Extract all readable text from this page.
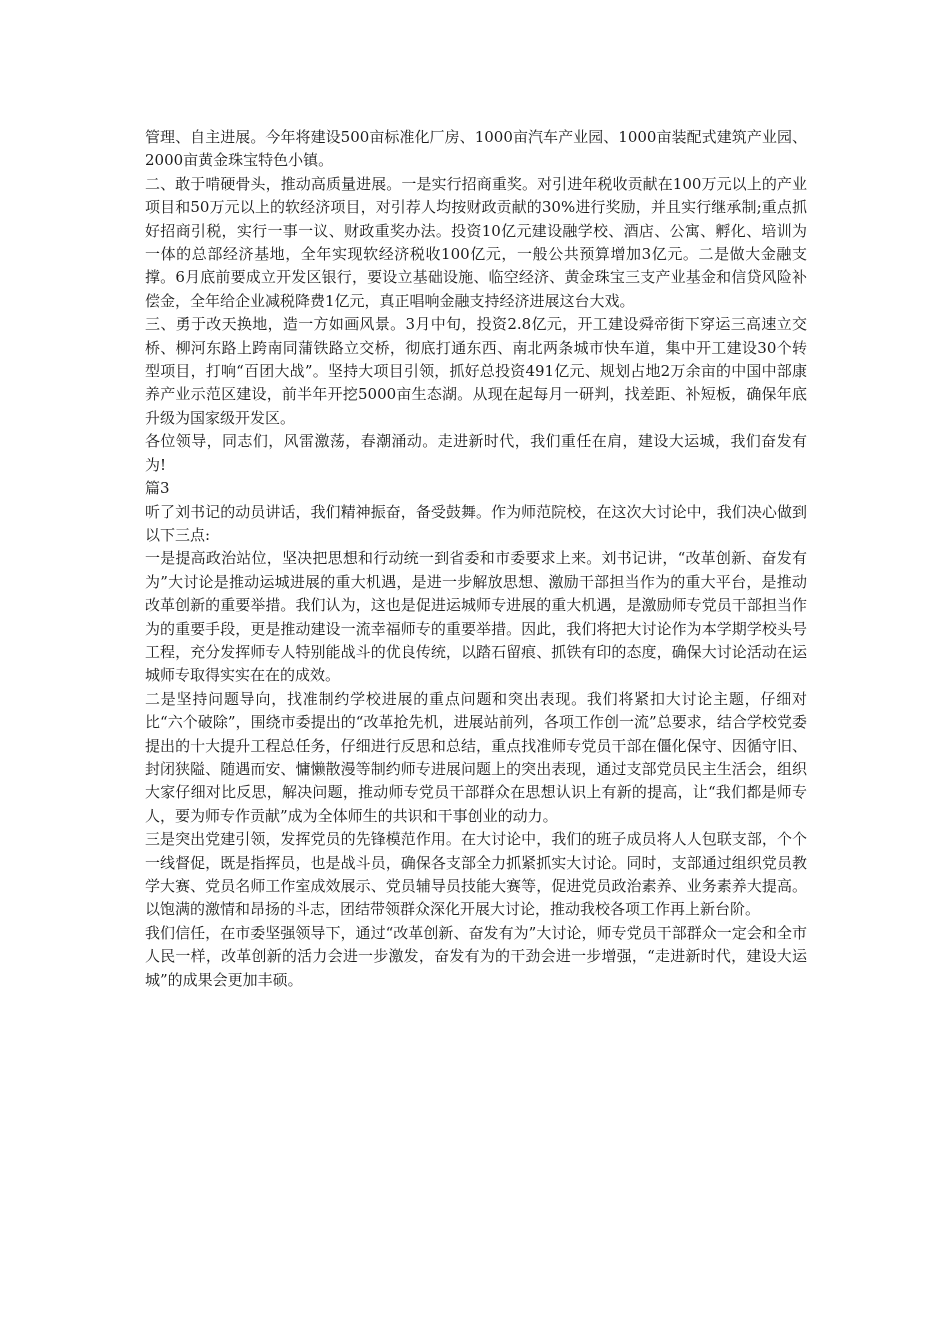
管理、自主进展。今年将建设500亩标准化厂房、1000亩汽车产业园、1000亩装配式建筑产业园、2000亩黄金珠宝特色小镇。

二、敢于啃硬骨头，推动高质量进展。一是实行招商重奖。对引进年税收贡献在100万元以上的产业项目和50万元以上的软经济项目，对引荐人均按财政贡献的30%进行奖励，并且实行继承制;重点抓好招商引税，实行一事一议、财政重奖办法。投资10亿元建设融学校、酒店、公寓、孵化、培训为一体的总部经济基地，全年实现软经济税收100亿元，一般公共预算增加3亿元。二是做大金融支撑。6月底前要成立开发区银行，要设立基础设施、临空经济、黄金珠宝三支产业基金和信贷风险补偿金，全年给企业减税降费1亿元，真正唱响金融支持经济进展这台大戏。

三、勇于改天换地，造一方如画风景。3月中旬，投资2.8亿元，开工建设舜帝街下穿运三高速立交桥、柳河东路上跨南同蒲铁路立交桥，彻底打通东西、南北两条城市快车道，集中开工建设30个转型项目，打响“百团大战”。坚持大项目引领，抓好总投资491亿元、规划占地2万余亩的中国中部康养产业示范区建设，前半年开挖5000亩生态湖。从现在起每月一研判，找差距、补短板，确保年底升级为国家级开发区。

各位领导，同志们，风雷激荡，春潮涌动。走进新时代，我们重任在肩，建设大运城，我们奋发有为!

篇3

听了刘书记的动员讲话，我们精神振奋，备受鼓舞。作为师范院校，在这次大讨论中，我们决心做到以下三点:

一是提高政治站位，坚决把思想和行动统一到省委和市委要求上来。刘书记讲，“改革创新、奋发有为”大讨论是推动运城进展的重大机遇，是进一步解放思想、激励干部担当作为的重大平台，是推动改革创新的重要举措。我们认为，这也是促进运城师专进展的重大机遇，是激励师专党员干部担当作为的重要手段，更是推动建设一流幸福师专的重要举措。因此，我们将把大讨论作为本学期学校头号工程，充分发挥师专人特别能战斗的优良传统，以踏石留痕、抓铁有印的态度，确保大讨论活动在运城师专取得实实在在的成效。

二是坚持问题导向，找准制约学校进展的重点问题和突出表现。我们将紧扣大讨论主题，仔细对比“六个破除”，围绕市委提出的“改革抢先机，进展站前列，各项工作创一流”总要求，结合学校党委提出的十大提升工程总任务，仔细进行反思和总结，重点找准师专党员干部在僵化保守、因循守旧、封闭狭隘、随遇而安、慵懒散漫等制约师专进展问题上的突出表现，通过支部党员民主生活会，组织大家仔细对比反思，解决问题，推动师专党员干部群众在思想认识上有新的提高，让“我们都是师专人，要为师专作贡献”成为全体师生的共识和干事创业的动力。

三是突出党建引领，发挥党员的先锋模范作用。在大讨论中，我们的班子成员将人人包联支部，个个一线督促，既是指挥员，也是战斗员，确保各支部全力抓紧抓实大讨论。同时，支部通过组织党员教学大赛、党员名师工作室成效展示、党员辅导员技能大赛等，促进党员政治素养、业务素养大提高。以饱满的激情和昂扬的斗志，团结带领群众深化开展大讨论，推动我校各项工作再上新台阶。

我们信任，在市委坚强领导下，通过“改革创新、奋发有为”大讨论，师专党员干部群众一定会和全市人民一样，改革创新的活力会进一步激发，奋发有为的干劲会进一步增强，“走进新时代，建设大运城”的成果会更加丰硕。
